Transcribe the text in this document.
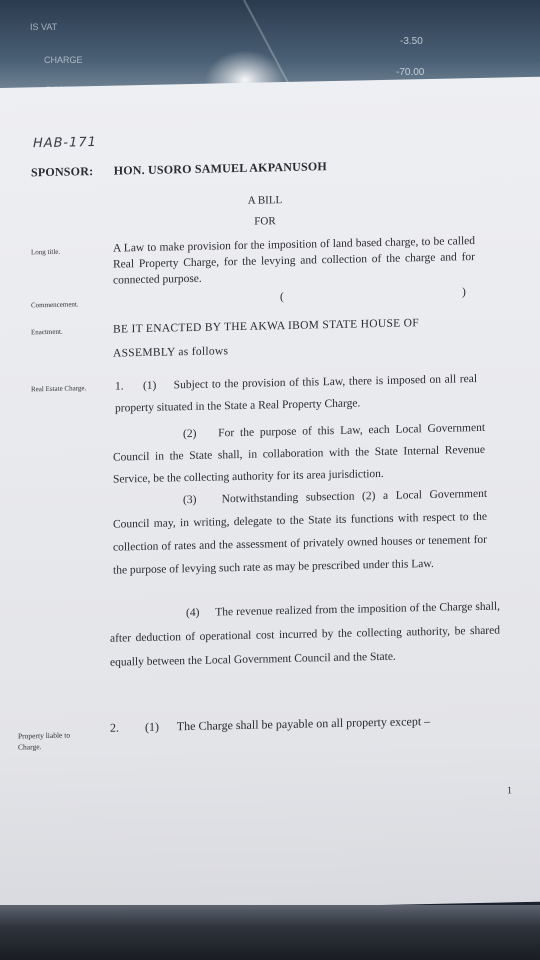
IS VAT
CHARGE
-3.50
-70.00
HAB-171
SPONSOR: HON. USORO SAMUEL AKPANUSOH
A BILL
FOR
Long title.	A Law to make provision for the imposition of land based charge, to be called Real Property Charge, for the levying and collection of the charge and for connected purpose.
Commencement.
(	)
Enactment.	BE IT ENACTED BY THE AKWA IBOM STATE HOUSE OF ASSEMBLY as follows
Real Estate Charge. 1. (1) Subject to the provision of this Law, there is imposed on all real property situated in the State a Real Property Charge.
(2) For the purpose of this Law, each Local Government Council in the State shall, in collaboration with the State Internal Revenue Service, be the collecting authority for its area jurisdiction.
(3) Notwithstanding subsection (2) a Local Government Council may, in writing, delegate to the State its functions with respect to the collection of rates and the assessment of privately owned houses or tenement for the purpose of levying such rate as may be prescribed under this Law.
(4) The revenue realized from the imposition of the Charge shall, after deduction of operational cost incurred by the collecting authority, be shared equally between the Local Government Council and the State.
Property liable to Charge.
2. (1) The Charge shall be payable on all property except –
1
